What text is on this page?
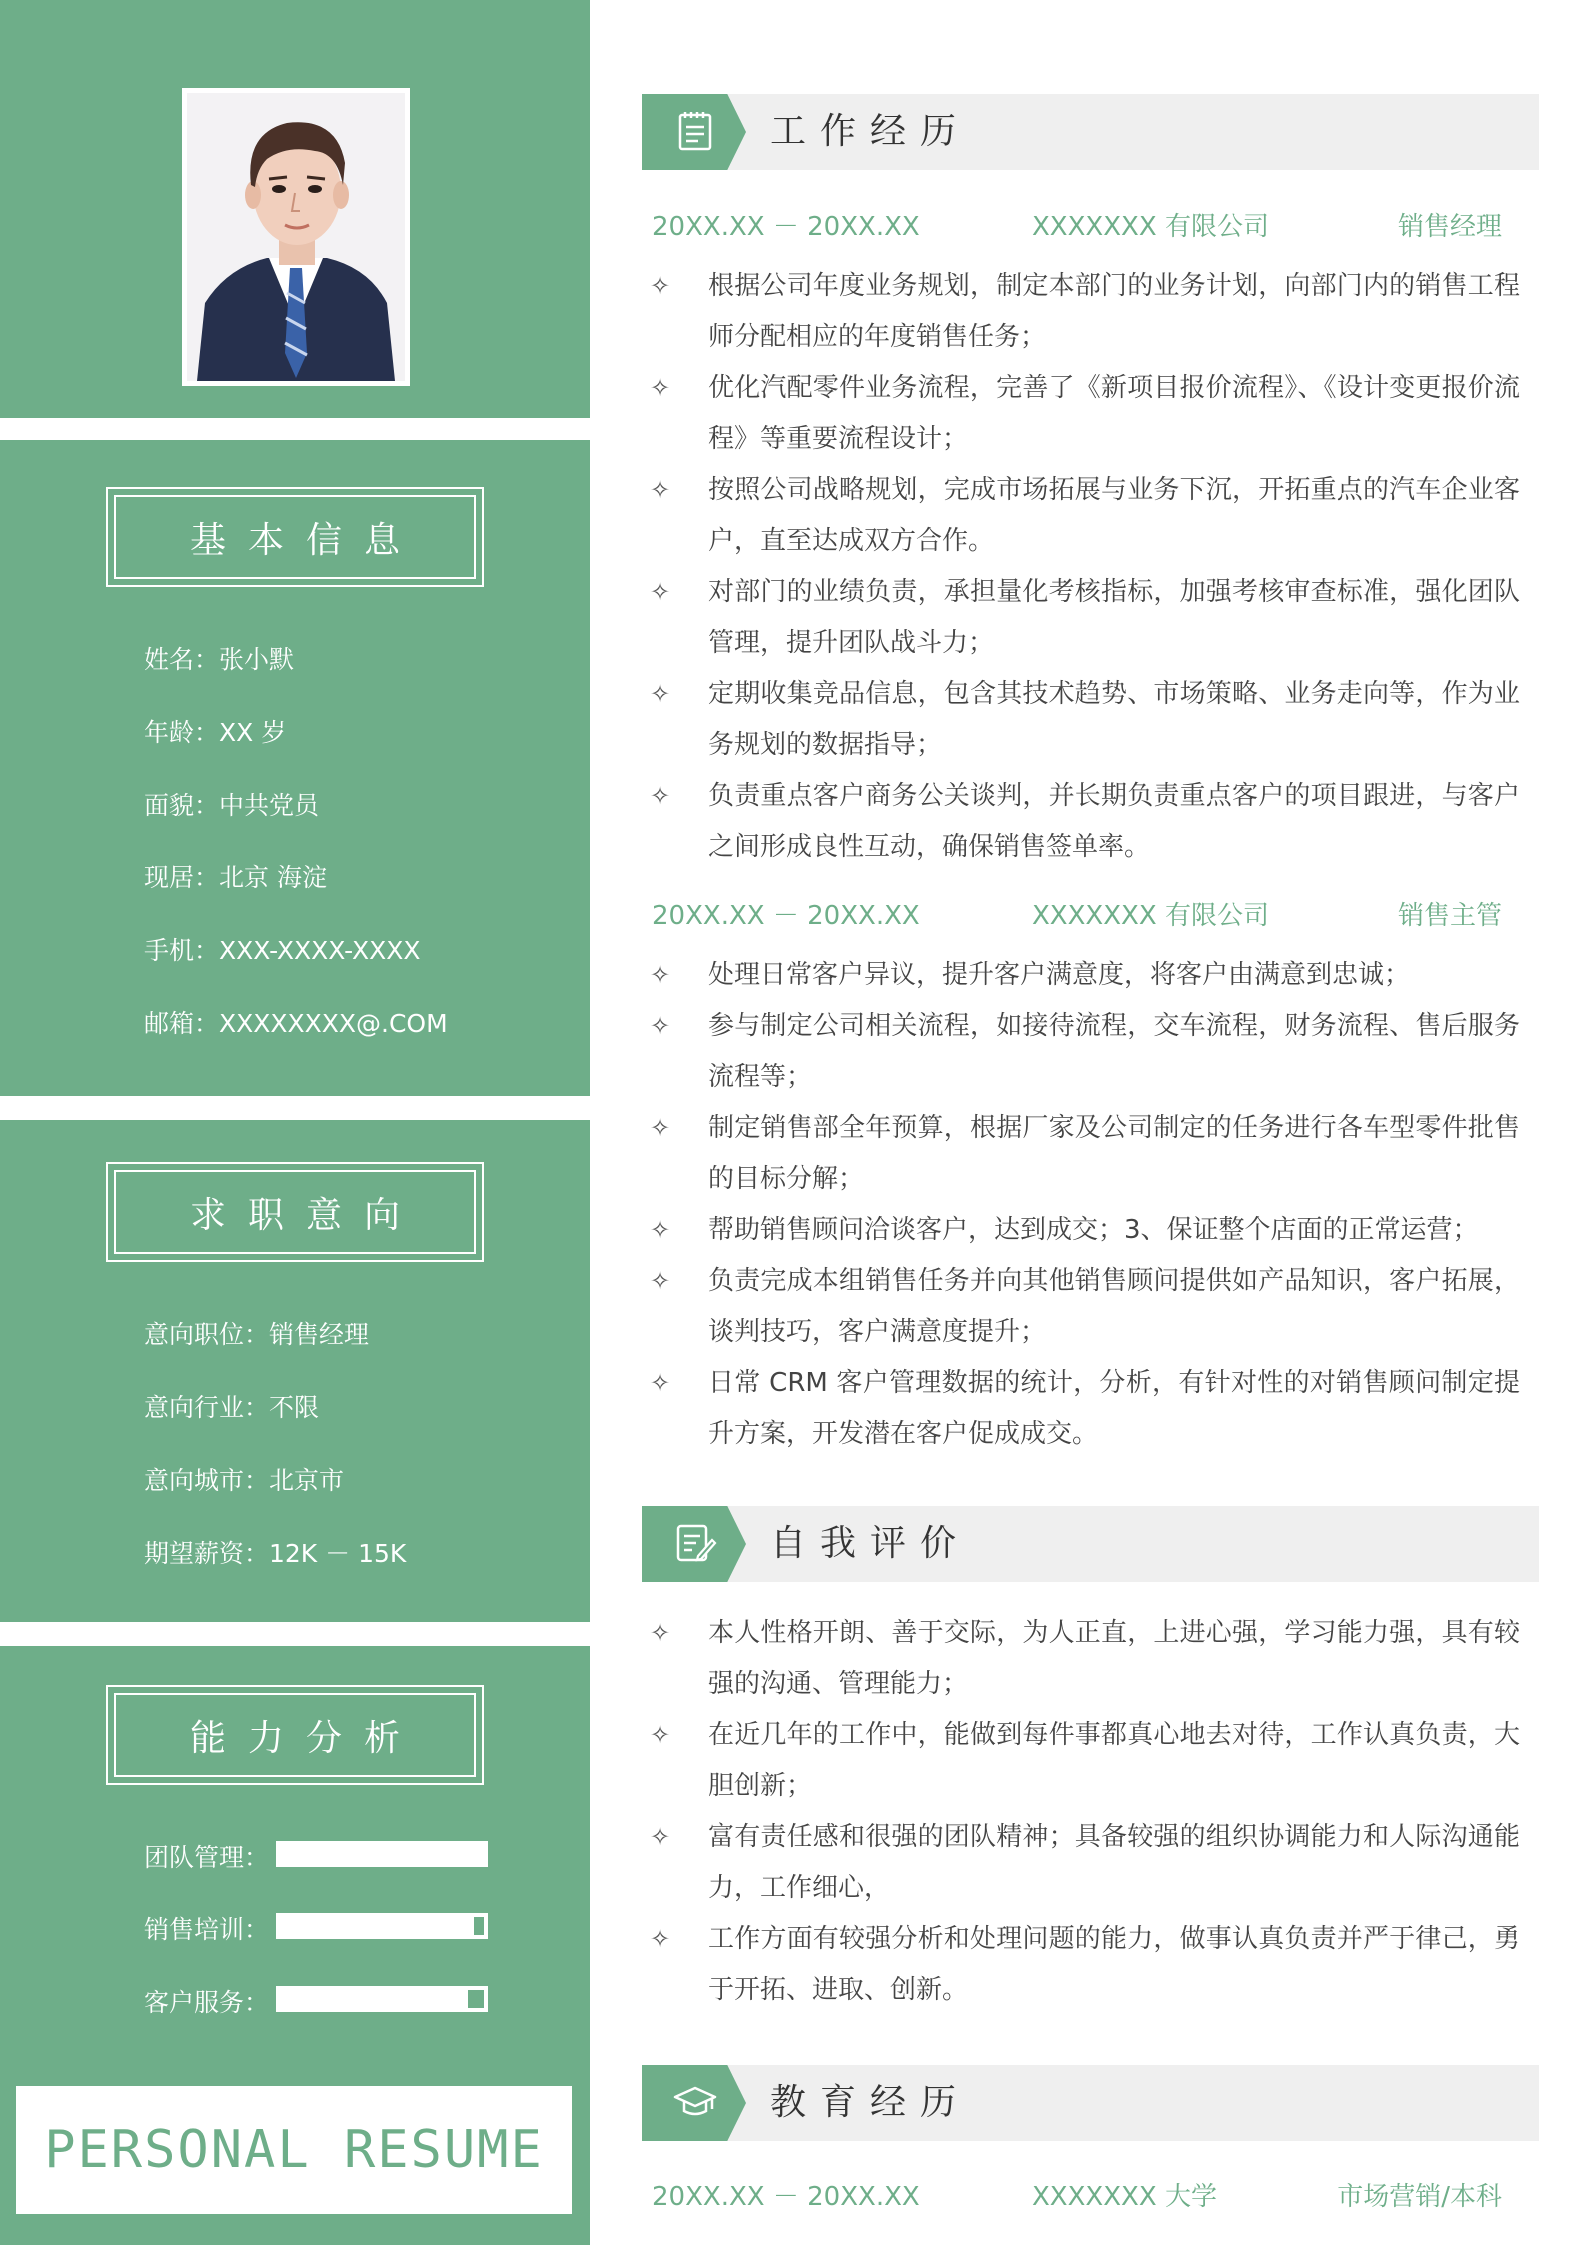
基本信息
姓名：张小默
年龄：XX 岁
面貌：中共党员
现居：北京 海淀
手机：XXX-XXXX-XXXX
邮箱：XXXXXXXX@.COM
求职意向
意向职位：销售经理
意向行业：不限
意向城市：北京市
期望薪资：12K － 15K
能力分析
团队管理：
销售培训：
客户服务：
PERSONAL RESUME
工作经历
20XX.XX － 20XX.XX	XXXXXXX 有限公司	销售经理
✧ 根据公司年度业务规划，制定本部门的业务计划，向部门内的销售工程师分配相应的年度销售任务；
✧ 优化汽配零件业务流程，完善了《新项目报价流程》、《设计变更报价流程》等重要流程设计；
✧ 按照公司战略规划，完成市场拓展与业务下沉，开拓重点的汽车企业客户，直至达成双方合作。
✧ 对部门的业绩负责，承担量化考核指标，加强考核审查标准，强化团队管理，提升团队战斗力；
✧ 定期收集竞品信息，包含其技术趋势、市场策略、业务走向等，作为业务规划的数据指导；
✧ 负责重点客户商务公关谈判，并长期负责重点客户的项目跟进，与客户之间形成良性互动，确保销售签单率。
20XX.XX － 20XX.XX	XXXXXXX 有限公司	销售主管
✧ 处理日常客户异议，提升客户满意度，将客户由满意到忠诚；
✧ 参与制定公司相关流程，如接待流程，交车流程，财务流程、售后服务流程等；
✧ 制定销售部全年预算，根据厂家及公司制定的任务进行各车型零件批售的目标分解；
✧ 帮助销售顾问洽谈客户，达到成交；3、保证整个店面的正常运营；
✧ 负责完成本组销售任务并向其他销售顾问提供如产品知识，客户拓展，谈判技巧，客户满意度提升；
✧ 日常 CRM 客户管理数据的统计，分析，有针对性的对销售顾问制定提升方案，开发潜在客户促成成交。
自我评价
✧ 本人性格开朗、善于交际，为人正直，上进心强，学习能力强，具有较强的沟通、管理能力；
✧ 在近几年的工作中，能做到每件事都真心地去对待，工作认真负责，大胆创新；
✧ 富有责任感和很强的团队精神；具备较强的组织协调能力和人际沟通能力，工作细心，
✧ 工作方面有较强分析和处理问题的能力，做事认真负责并严于律己，勇于开拓、进取、创新。
教育经历
20XX.XX － 20XX.XX	XXXXXXX 大学	市场营销/本科
